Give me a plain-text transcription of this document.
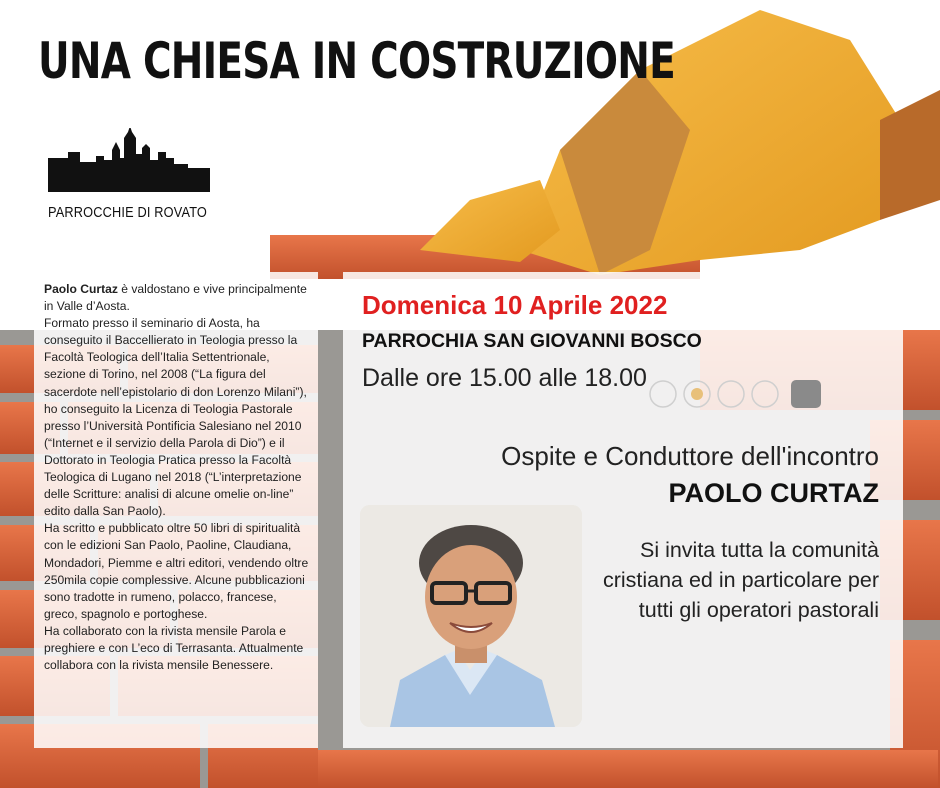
UNA CHIESA IN COSTRUZIONE
PARROCCHIE DI ROVATO

Paolo Curtaz è valdostano e vive principalmente in Valle d’Aosta.

Formato presso il seminario di Aosta, ha conseguito il Baccellierato in Teologia presso la Facoltà Teologica dell’Italia Settentrionale, sezione di Torino, nel 2008 (“La figura del sacerdote nell’epistolario di don Lorenzo Milani”), ho conseguito la Licenza di Teologia Pastorale presso l’Università Pontificia Salesiano nel 2010 (“Internet e il servizio della Parola di Dio”) e il Dottorato in Teologia Pratica presso la Facoltà Teologica di Lugano nel 2018 (“L’interpretazione delle Scritture: analisi di alcune omelie on-line” edito dalla San Paolo).

Ha scritto e pubblicato oltre 50 libri di spiritualità con le edizioni San Paolo, Paoline, Claudiana, Mondadori, Piemme e altri editori, vendendo oltre 250mila copie complessive. Alcune pubblicazioni sono tradotte in rumeno, polacco, francese, greco, spagnolo e portoghese.

Ha collaborato con la rivista mensile Parola e preghiere e con L’eco di Terrasanta. Attualmente collabora con la rivista mensile Benessere.

Domenica 10 Aprile 2022
PARROCHIA SAN GIOVANNI BOSCO
Dalle ore 15.00 alle 18.00
Ospite e Conduttore dell'incontro
PAOLO CURTAZ
Si invita tutta la comunità cristiana ed in particolare per tutti gli operatori pastorali
